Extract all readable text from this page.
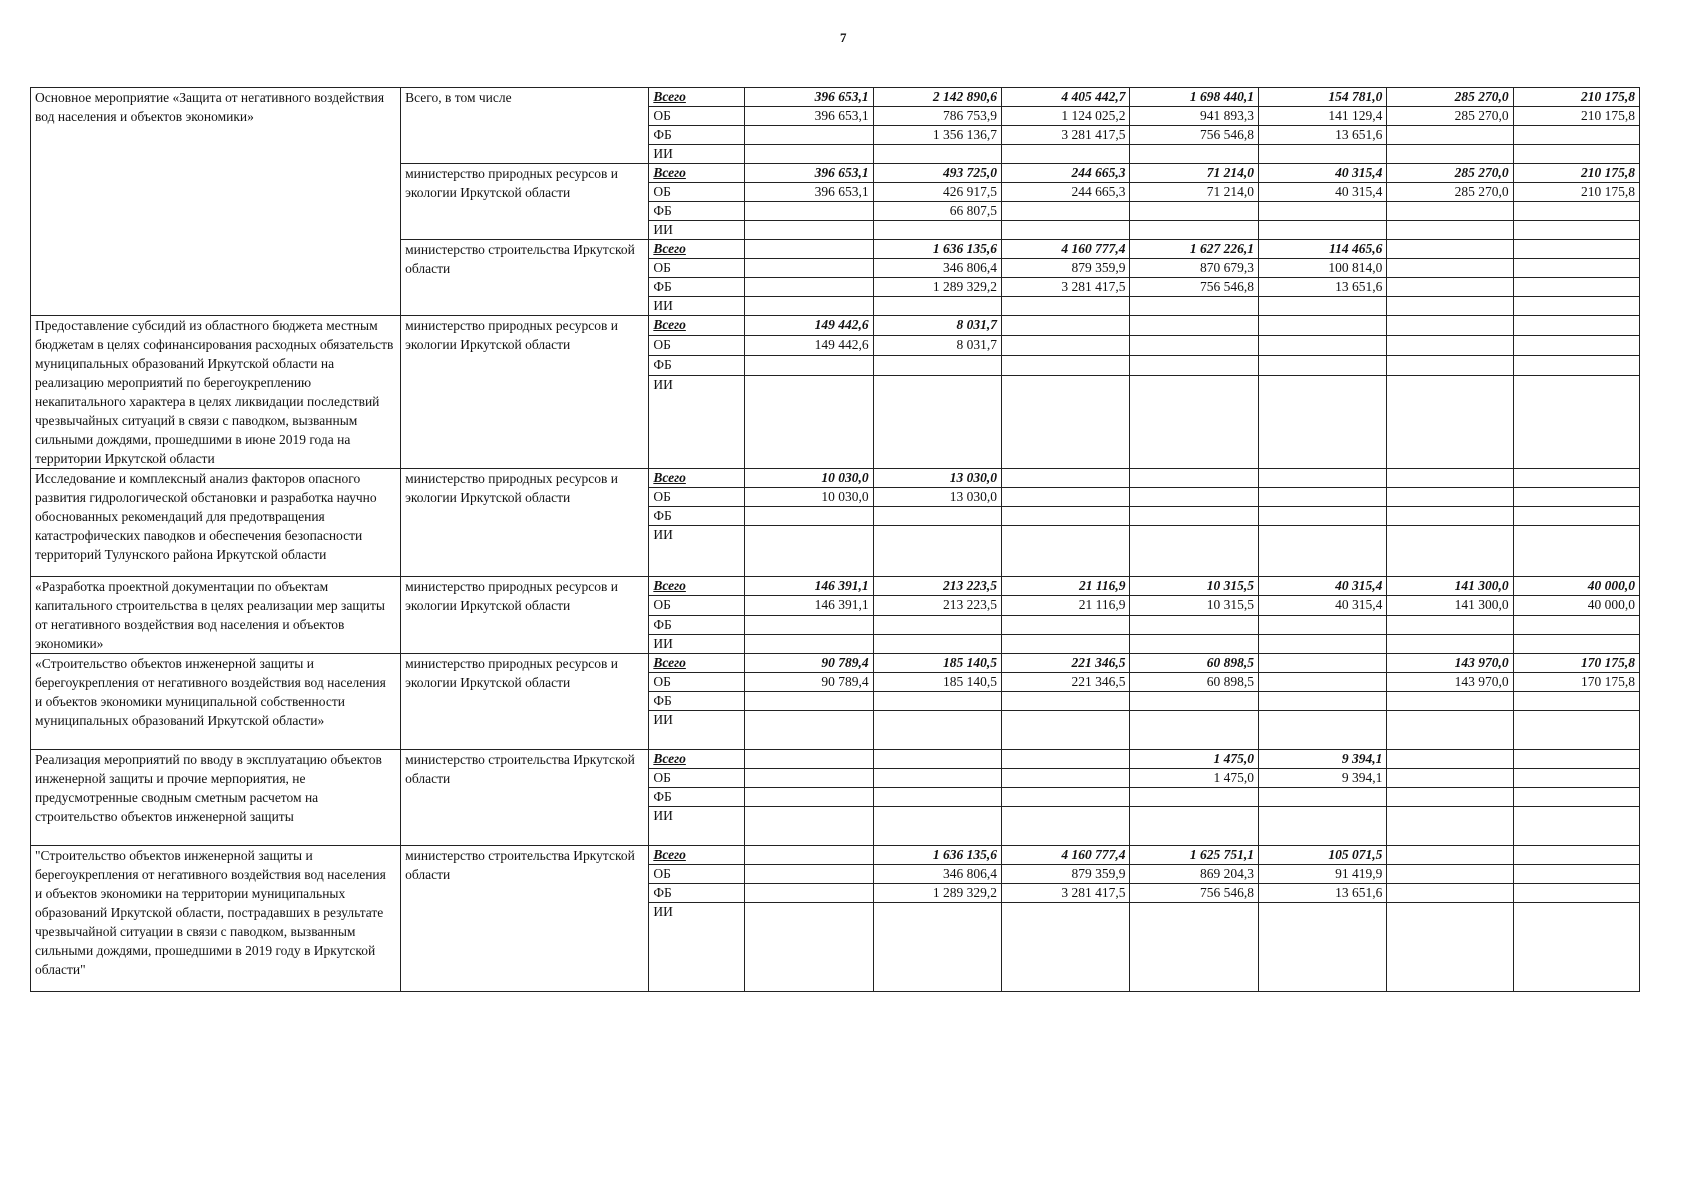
7
Основное мероприятие «Защита от негативного воздействия вод населения и объектов экономики»	Всего, в том числе	Всего	396 653,1	2 142 890,6	4 405 442,7	1 698 440,1	154 781,0	285 270,0	210 175,8
		ОБ	396 653,1	786 753,9	1 124 025,2	941 893,3	141 129,4	285 270,0	210 175,8
		ФБ		1 356 136,7	3 281 417,5	756 546,8	13 651,6		
		ИИ							
	министерство природных ресурсов и экологии Иркутской области	Всего	396 653,1	493 725,0	244 665,3	71 214,0	40 315,4	285 270,0	210 175,8
		ОБ	396 653,1	426 917,5	244 665,3	71 214,0	40 315,4	285 270,0	210 175,8
		ФБ		66 807,5					
		ИИ							
	министерство строительства Иркутской области	Всего		1 636 135,6	4 160 777,4	1 627 226,1	114 465,6		
		ОБ		346 806,4	879 359,9	870 679,3	100 814,0		
		ФБ		1 289 329,2	3 281 417,5	756 546,8	13 651,6		
		ИИ							
Предоставление субсидий из областного бюджета местным бюджетам в целях софинансирования расходных обязательств муниципальных образований Иркутской области на реализацию мероприятий по берегоукреплению некапитального характера в целях ликвидации последствий чрезвычайных ситуаций в связи с паводком, вызванным сильными дождями, прошедшими в июне 2019 года на территории Иркутской области	министерство природных ресурсов и экологии Иркутской области	Всего	149 442,6	8 031,7					
		ОБ	149 442,6	8 031,7					
		ФБ							
		ИИ							
Исследование и комплексный анализ факторов опасного развития гидрологической обстановки и разработка научно обоснованных рекомендаций для предотвращения катастрофических паводков и обеспечения безопасности территорий Тулунского района Иркутской области	министерство природных ресурсов и экологии Иркутской области	Всего	10 030,0	13 030,0					
		ОБ	10 030,0	13 030,0					
		ФБ							
		ИИ							
«Разработка проектной документации по объектам капитального строительства в целях реализации мер защиты от негативного воздействия вод населения и объектов экономики»	министерство природных ресурсов и экологии Иркутской области	Всего	146 391,1	213 223,5	21 116,9	10 315,5	40 315,4	141 300,0	40 000,0
		ОБ	146 391,1	213 223,5	21 116,9	10 315,5	40 315,4	141 300,0	40 000,0
		ФБ							
		ИИ							
«Строительство объектов инженерной защиты и берегоукрепления от негативного воздействия вод населения и объектов экономики муниципальной собственности муниципальных образований Иркутской области»	министерство природных ресурсов и экологии Иркутской области	Всего	90 789,4	185 140,5	221 346,5	60 898,5		143 970,0	170 175,8
		ОБ	90 789,4	185 140,5	221 346,5	60 898,5		143 970,0	170 175,8
		ФБ							
		ИИ							
Реализация мероприятий по вводу в эксплуатацию объектов инженерной защиты и прочие мерпориятия, не предусмотренные сводным сметным расчетом на строительство объектов инженерной защиты	министерство строительства Иркутской области	Всего				1 475,0	9 394,1		
		ОБ				1 475,0	9 394,1		
		ФБ							
		ИИ							
"Строительство объектов инженерной защиты и берегоукрепления от негативного воздействия вод населения и объектов экономики на территории муниципальных образований Иркутской области, пострадавших в результате чрезвычайной ситуации в связи с паводком, вызванным сильными дождями, прошедшими в 2019 году в Иркутской области"	министерство строительства Иркутской области	Всего		1 636 135,6	4 160 777,4	1 625 751,1	105 071,5		
		ОБ		346 806,4	879 359,9	869 204,3	91 419,9		
		ФБ		1 289 329,2	3 281 417,5	756 546,8	13 651,6		
		ИИ							
